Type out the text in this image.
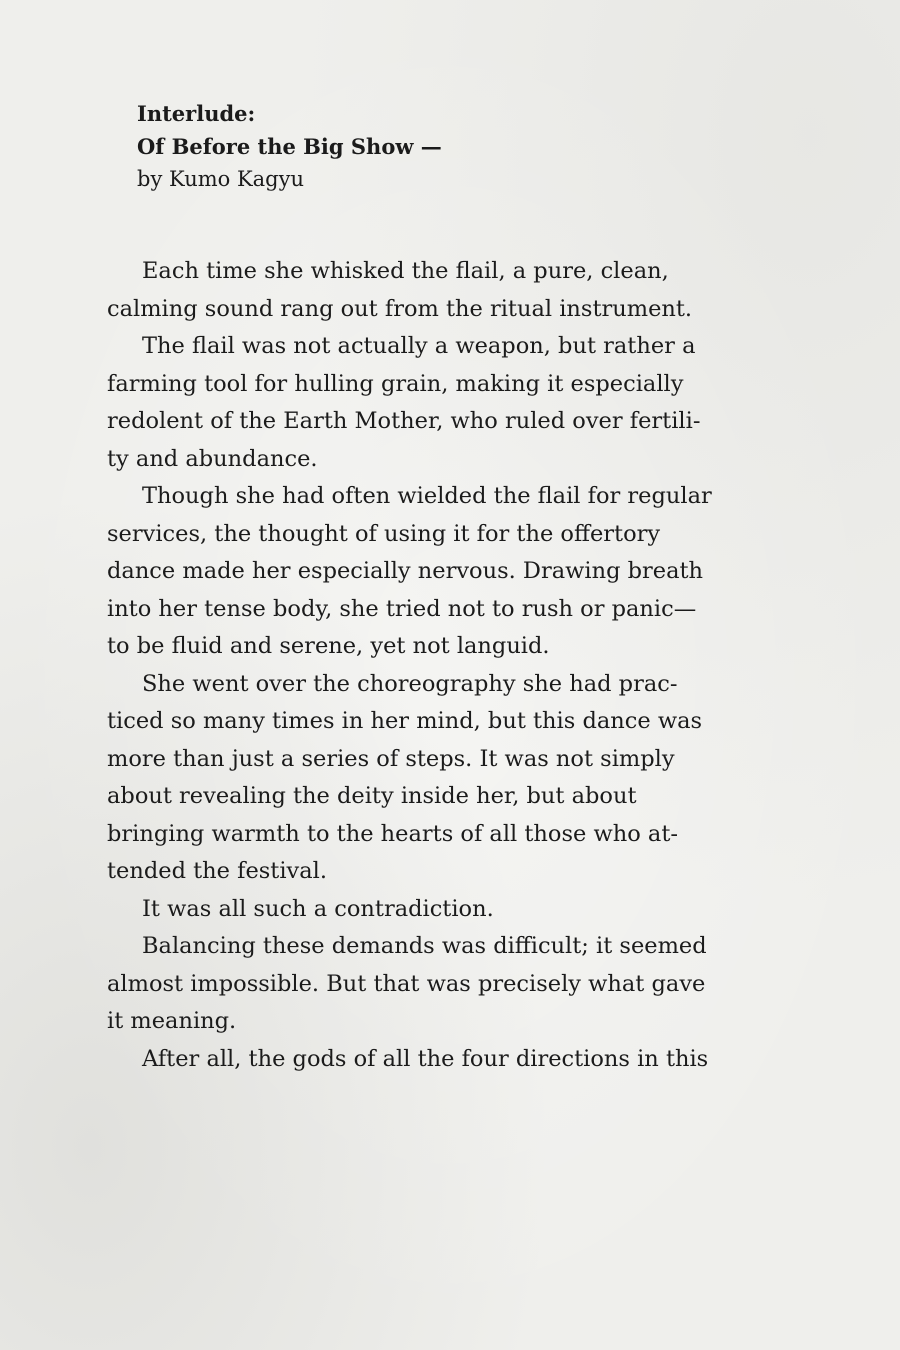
Interlude:
Of Before the Big Show —
by Kumo Kagyu
Each time she whisked the flail, a pure, clean,
calming sound rang out from the ritual instrument.
The flail was not actually a weapon, but rather a
farming tool for hulling grain, making it especially
redolent of the Earth Mother, who ruled over fertili-
ty and abundance.
Though she had often wielded the flail for regular
services, the thought of using it for the offertory
dance made her especially nervous. Drawing breath
into her tense body, she tried not to rush or panic—
to be fluid and serene, yet not languid.
She went over the choreography she had prac-
ticed so many times in her mind, but this dance was
more than just a series of steps. It was not simply
about revealing the deity inside her, but about
bringing warmth to the hearts of all those who at-
tended the festival.
It was all such a contradiction.
Balancing these demands was difficult; it seemed
almost impossible. But that was precisely what gave
it meaning.
After all, the gods of all the four directions in this
